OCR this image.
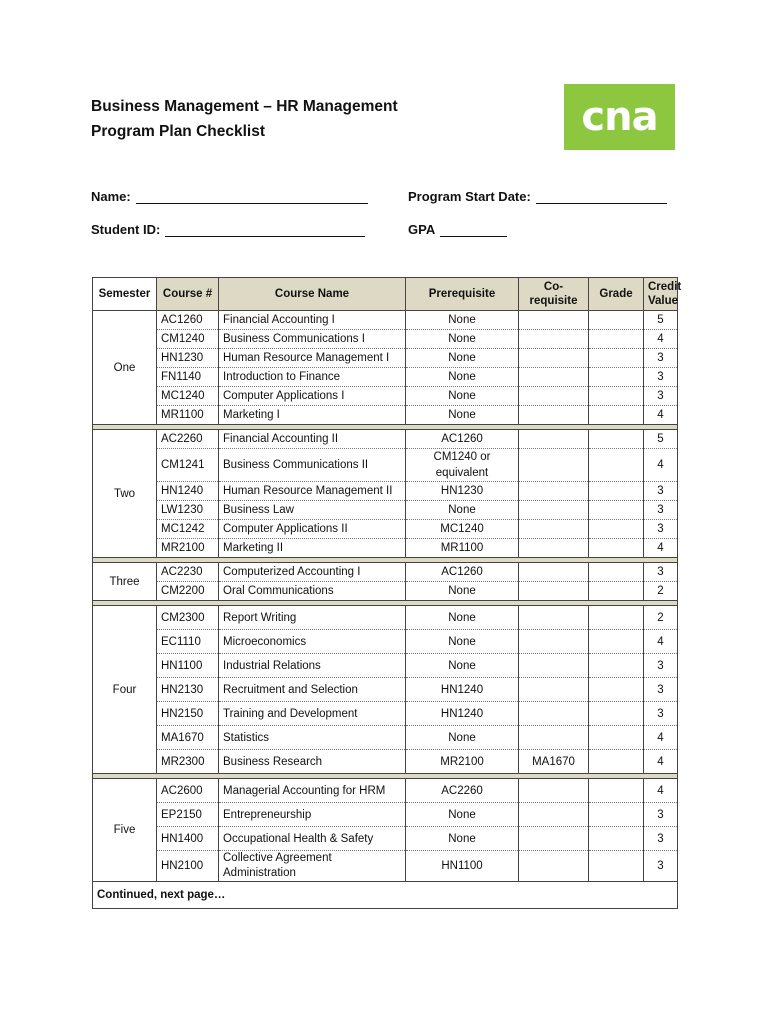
Business Management – HR Management
Program Plan Checklist	cna
Name:	Program Start Date:
Student ID:	GPA
Semester	Course #	Course Name	Prerequisite	Co-requisite	Grade	Credit Value
One	AC1260	Financial Accounting I	None			5
	CM1240	Business Communications I	None			4
	HN1230	Human Resource Management I	None			3
	FN1140	Introduction to Finance	None			3
	MC1240	Computer Applications I	None			3
	MR1100	Marketing I	None			4

Two	AC2260	Financial Accounting II	AC1260			5
	CM1241	Business Communications II	CM1240 or equivalent			4
	HN1240	Human Resource Management II	HN1230			3
	LW1230	Business Law	None			3
	MC1242	Computer Applications II	MC1240			3
	MR2100	Marketing II	MR1100			4

Three	AC2230	Computerized Accounting I	AC1260			3
	CM2200	Oral Communications	None			2

Four	CM2300	Report Writing	None			2
	EC1110	Microeconomics	None			4
	HN1100	Industrial Relations	None			3
	HN2130	Recruitment and Selection	HN1240			3
	HN2150	Training and Development	HN1240			3
	MA1670	Statistics	None			4
	MR2300	Business Research	MR2100	MA1670		4

Five	AC2600	Managerial Accounting for HRM	AC2260			4
	EP2150	Entrepreneurship	None			3
	HN1400	Occupational Health & Safety	None			3
	HN2100	Collective Agreement Administration	HN1100			3
Continued, next page…						
